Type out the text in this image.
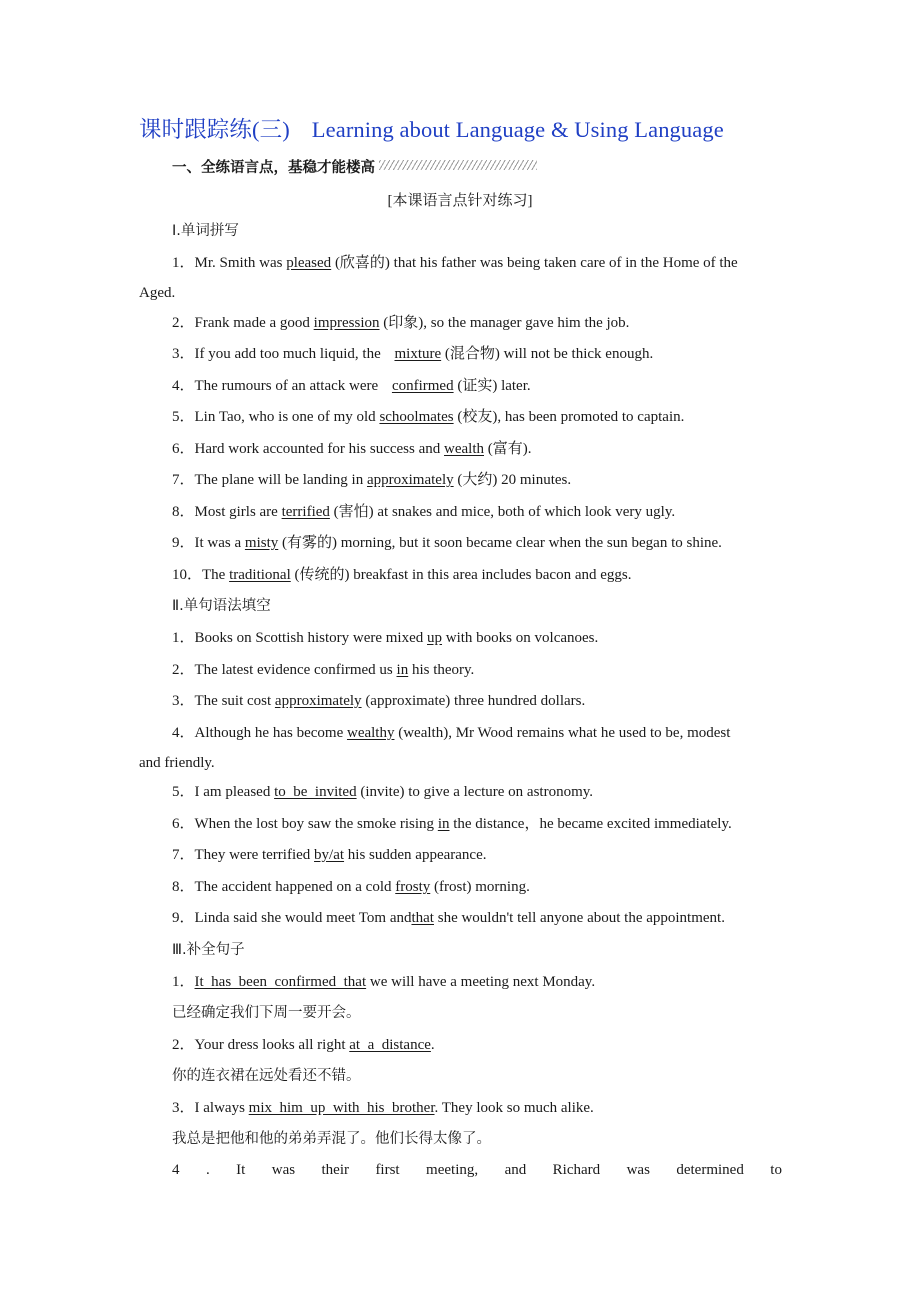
课时跟踪练(三) Learning about Language & Using Language
一、全练语言点，基稳才能楼高
[本课语言点针对练习]
Ⅰ.单词拼写
1．Mr. Smith was pleased (欣喜的) that his father was being taken care of in the Home of the
Aged.
2．Frank made a good impression (印象), so the manager gave him the job.
3．If you add too much liquid, the mixture (混合物) will not be thick enough.
4．The rumours of an attack were confirmed (证实) later.
5．Lin Tao, who is one of my old schoolmates (校友), has been promoted to captain.
6．Hard work accounted for his success and wealth (富有).
7．The plane will be landing in approximately (大约) 20 minutes.
8．Most girls are terrified (害怕) at snakes and mice, both of which look very ugly.
9．It was a misty (有雾的) morning, but it soon became clear when the sun began to shine.
10．The traditional (传统的) breakfast in this area includes bacon and eggs.
Ⅱ.单句语法填空
1．Books on Scottish history were mixed up with books on volcanoes.
2．The latest evidence confirmed us in his theory.
3．The suit cost approximately (approximate) three hundred dollars.
4．Although he has become wealthy (wealth), Mr Wood remains what he used to be, modest
and friendly.
5．I am pleased to  be  invited (invite) to give a lecture on astronomy.
6．When the lost boy saw the smoke rising in the distance，he became excited immediately.
7．They were terrified by/at his sudden appearance.
8．The accident happened on a cold frosty (frost) morning.
9．Linda said she would meet Tom andthat she wouldn't tell anyone about the appointment.
Ⅲ.补全句子
1．It  has  been  confirmed  that we will have a meeting next Monday.
已经确定我们下周一要开会。
2．Your dress looks all right at  a  distance.
你的连衣裙在远处看还不错。
3．I always mix  him  up  with  his  brother. They look so much alike.
我总是把他和他的弟弟弄混了。他们长得太像了。
4 . It was their first meeting, and Richard was determined to
